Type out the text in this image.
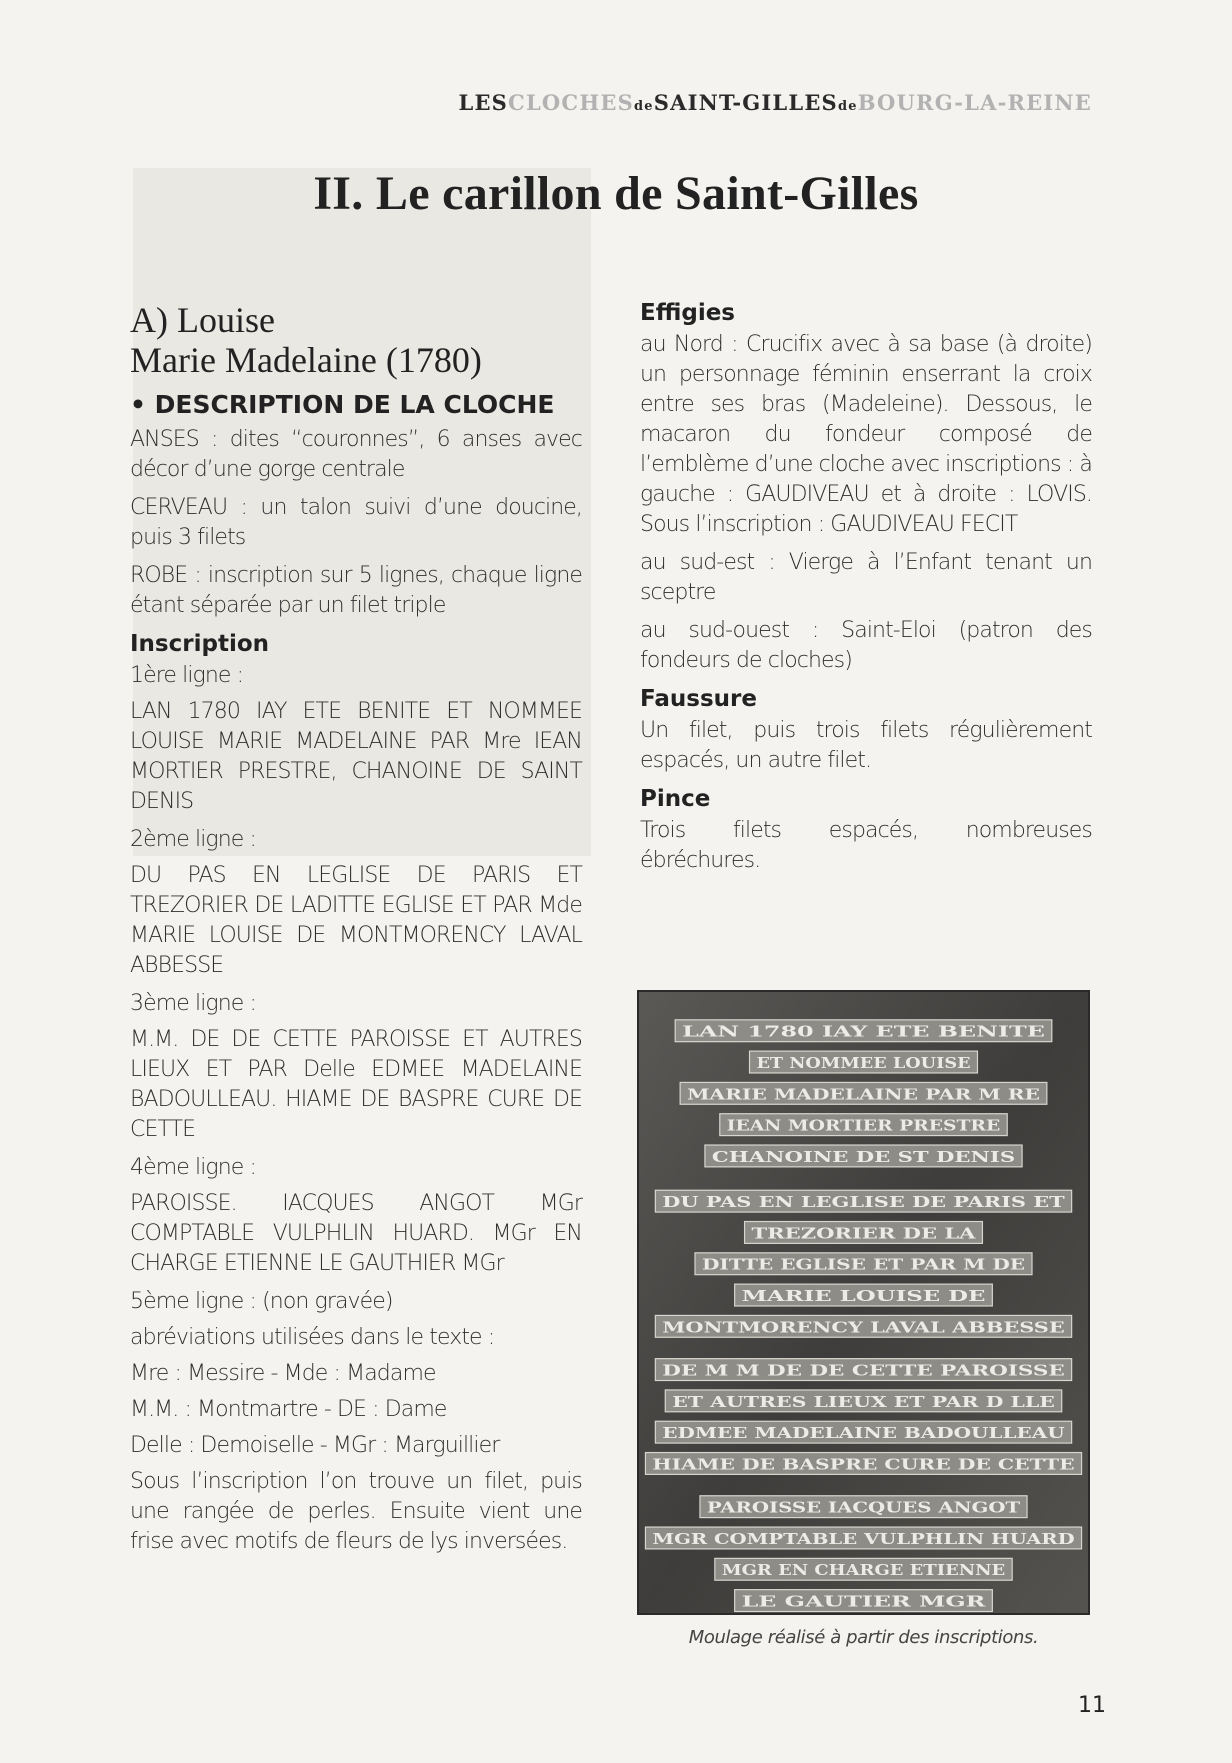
LESCLOCHESdeSAINT-GILLESdeBOURG-LA-REINE
II. Le carillon de Saint-Gilles
A) Louise
Marie Madelaine (1780)
• DESCRIPTION DE LA CLOCHE
ANSES : dites “couronnes”, 6 anses avec décor d’une gorge centrale
CERVEAU : un talon suivi d’une doucine, puis 3 filets
ROBE : inscription sur 5 lignes, chaque ligne étant séparée par un filet triple
Inscription
1ère ligne :
LAN 1780 IAY ETE BENITE ET NOMMEE LOUISE MARIE MADELAINE PAR Mre IEAN MORTIER PRESTRE, CHANOINE DE SAINT DENIS
2ème ligne :
DU PAS EN LEGLISE DE PARIS ET TREZORIER DE LADITTE EGLISE ET PAR Mde MARIE LOUISE DE MONTMORENCY LAVAL ABBESSE
3ème ligne :
M.M. DE DE CETTE PAROISSE ET AUTRES LIEUX ET PAR Delle EDMEE MADELAINE BADOULLEAU. HIAME DE BASPRE CURE DE CETTE
4ème ligne :
PAROISSE. IACQUES ANGOT MGr COMPTABLE VULPHLIN HUARD. MGr EN CHARGE ETIENNE LE GAUTHIER MGr
5ème ligne : (non gravée)
abréviations utilisées dans le texte :
Mre : Messire - Mde : Madame
M.M. : Montmartre - DE : Dame
Delle : Demoiselle - MGr : Marguillier
Sous l’inscription l’on trouve un filet, puis une rangée de perles. Ensuite vient une frise avec motifs de fleurs de lys inversées.
Effigies
au Nord : Crucifix avec à sa base (à droite) un personnage féminin enserrant la croix entre ses bras (Madeleine). Dessous, le macaron du fondeur composé de l’emblème d’une cloche avec inscriptions : à gauche : GAUDIVEAU et à droite : LOVIS. Sous l’inscription : GAUDIVEAU FECIT
au sud-est : Vierge à l’Enfant tenant un sceptre
au sud-ouest : Saint-Eloi (patron des fondeurs de cloches)
Faussure
Un filet, puis trois filets régulièrement espacés, un autre filet.
Pince
Trois filets espacés, nombreuses ébréchures.
LAN 1780 IAY ETE BENITE
ET NOMMEE LOUISE
MARIE MADELAINE PAR M RE
IEAN MORTIER PRESTRE
CHANOINE DE ST DENIS
DU PAS EN LEGLISE DE PARIS ET
TREZORIER DE LA
DITTE EGLISE ET PAR M DE
MARIE LOUISE DE
MONTMORENCY LAVAL ABBESSE
DE M M DE DE CETTE PAROISSE
ET AUTRES LIEUX ET PAR D LLE
EDMEE MADELAINE BADOULLEAU
HIAME DE BASPRE CURE DE CETTE
PAROISSE IACQUES ANGOT
MGR COMPTABLE VULPHLIN HUARD
MGR EN CHARGE ETIENNE
LE GAUTIER MGR
Moulage réalisé à partir des inscriptions.
11
